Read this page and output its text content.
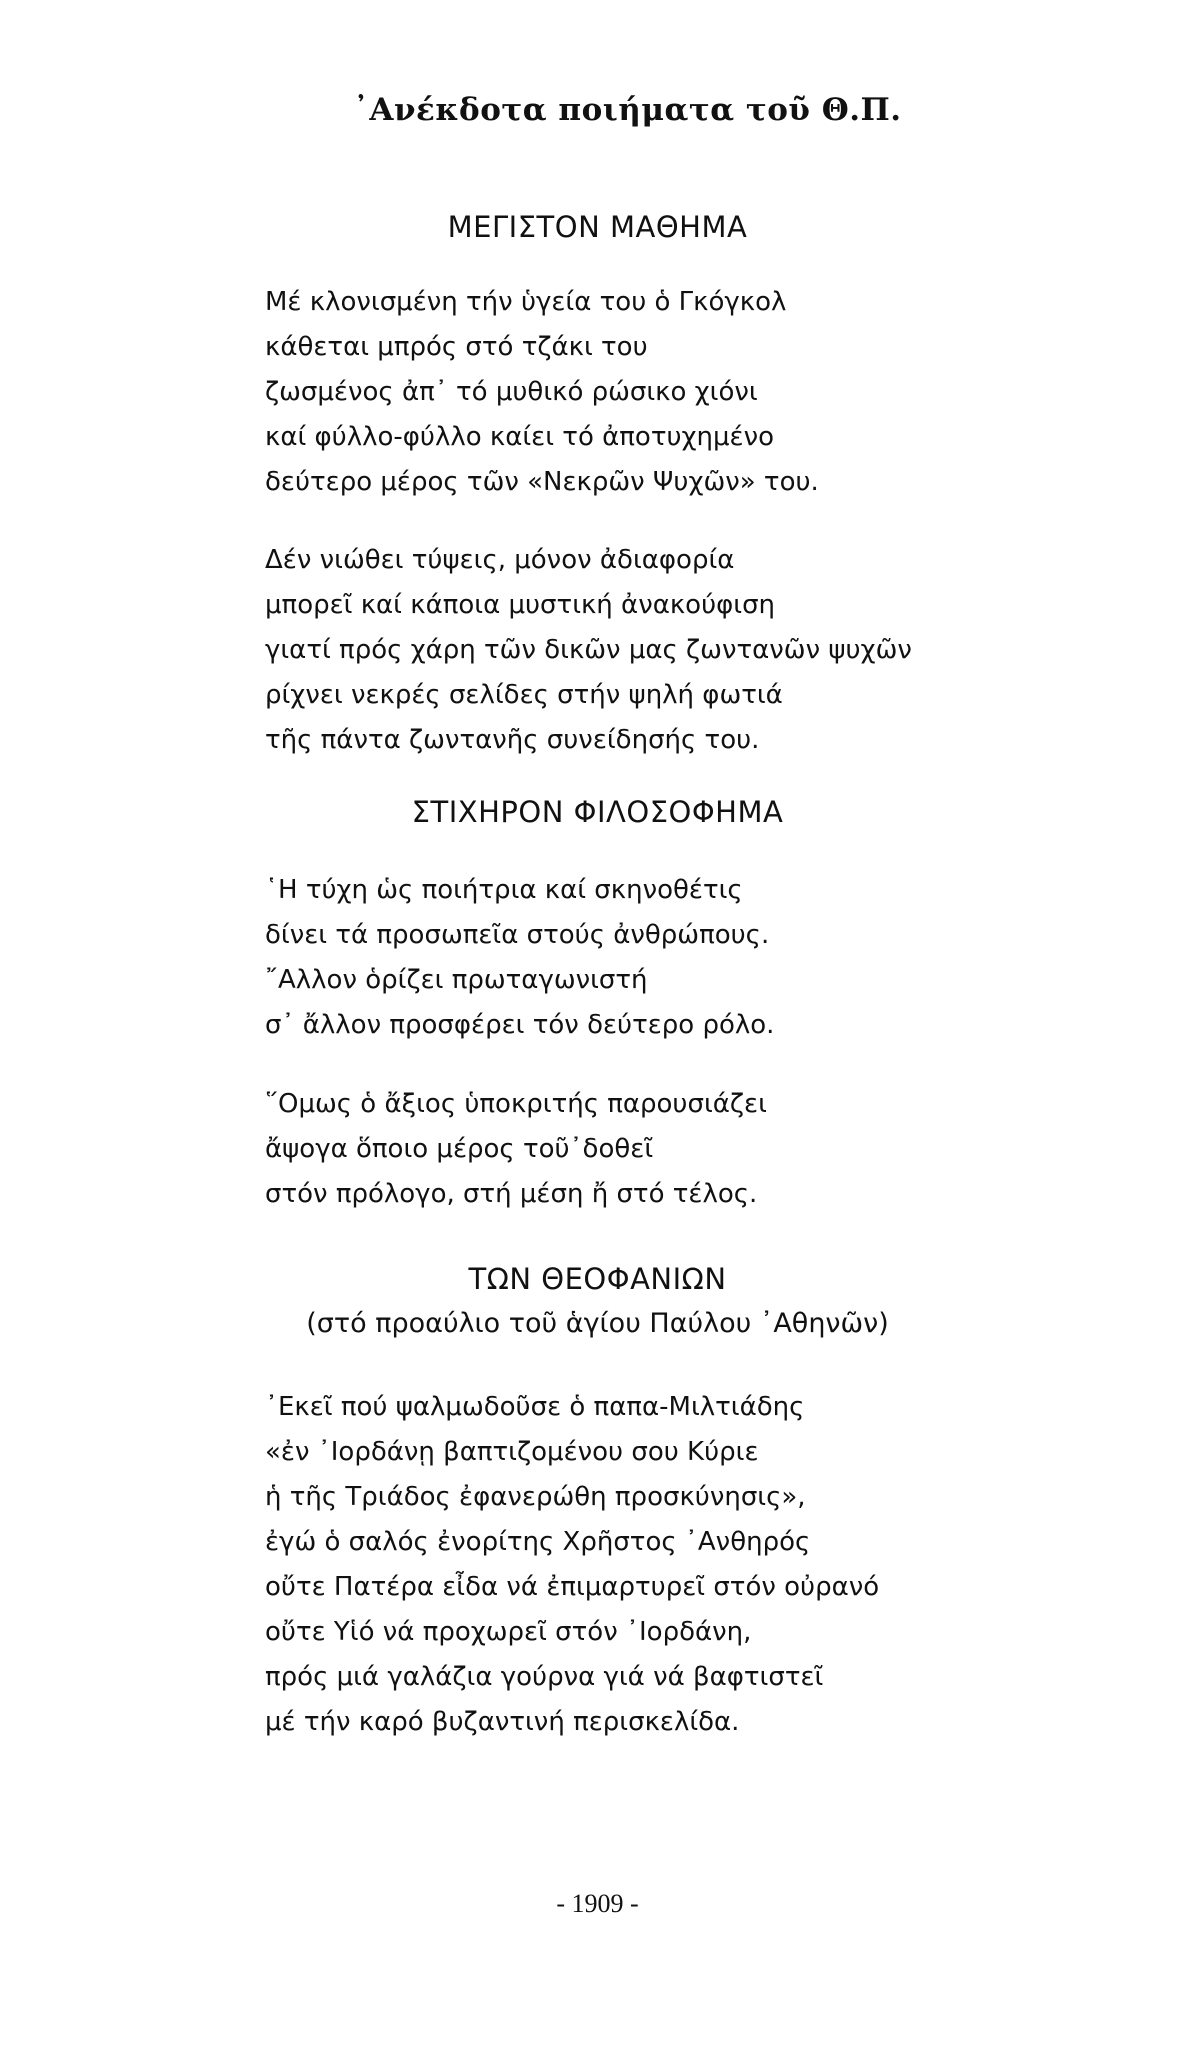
᾿Ανέκδοτα ποιήματα τοῦ Θ.Π.
ΜΕΓΙΣΤΟΝ ΜΑΘΗΜΑ
Μέ κλονισμένη τήν ὑγεία του ὁ Γκόγκολ
κάθεται μπρός στό τζάκι του
ζωσμένος ἀπ᾿ τό μυθικό ρώσικο χιόνι
καί φύλλο-φύλλο καίει τό ἀποτυχημένο
δεύτερο μέρος τῶν «Νεκρῶν Ψυχῶν» του.
Δέν νιώθει τύψεις, μόνον ἀδιαφορία
μπορεῖ καί κάποια μυστική ἀνακούφιση
γιατί πρός χάρη τῶν δικῶν μας ζωντανῶν ψυχῶν
ρίχνει νεκρές σελίδες στήν ψηλή φωτιά
τῆς πάντα ζωντανῆς συνείδησής του.
ΣΤΙΧΗΡΟΝ ΦΙΛΟΣΟΦΗΜΑ
῾Η τύχη ὡς ποιήτρια καί σκηνοθέτις
δίνει τά προσωπεῖα στούς ἀνθρώπους.
῎Αλλον ὁρίζει πρωταγωνιστή
σ᾿ ἄλλον προσφέρει τόν δεύτερο ρόλο.
῞Ομως ὁ ἄξιος ὑποκριτής παρουσιάζει
ἄψογα ὅποιο μέρος τοῦ᾿δοθεῖ
στόν πρόλογο, στή μέση ἤ στό τέλος.
ΤΩΝ ΘΕΟΦΑΝΙΩΝ
(στό προαύλιο τοῦ ἁγίου Παύλου ᾿Αθηνῶν)
᾿Εκεῖ πού ψαλμωδοῦσε ὁ παπα-Μιλτιάδης
«ἐν ᾿Ιορδάνῃ βαπτιζομένου σου Κύριε
ἡ τῆς Τριάδος ἐφανερώθη προσκύνησις»,
ἐγώ ὁ σαλός ἐνορίτης Χρῆστος ᾿Ανθηρός
οὔτε Πατέρα εἶδα νά ἐπιμαρτυρεῖ στόν οὐρανό
οὔτε Υἱό νά προχωρεῖ στόν ᾿Ιορδάνη,
πρός μιά γαλάζια γούρνα γιά νά βαφτιστεῖ
μέ τήν καρό βυζαντινή περισκελίδα.
- 1909 -
